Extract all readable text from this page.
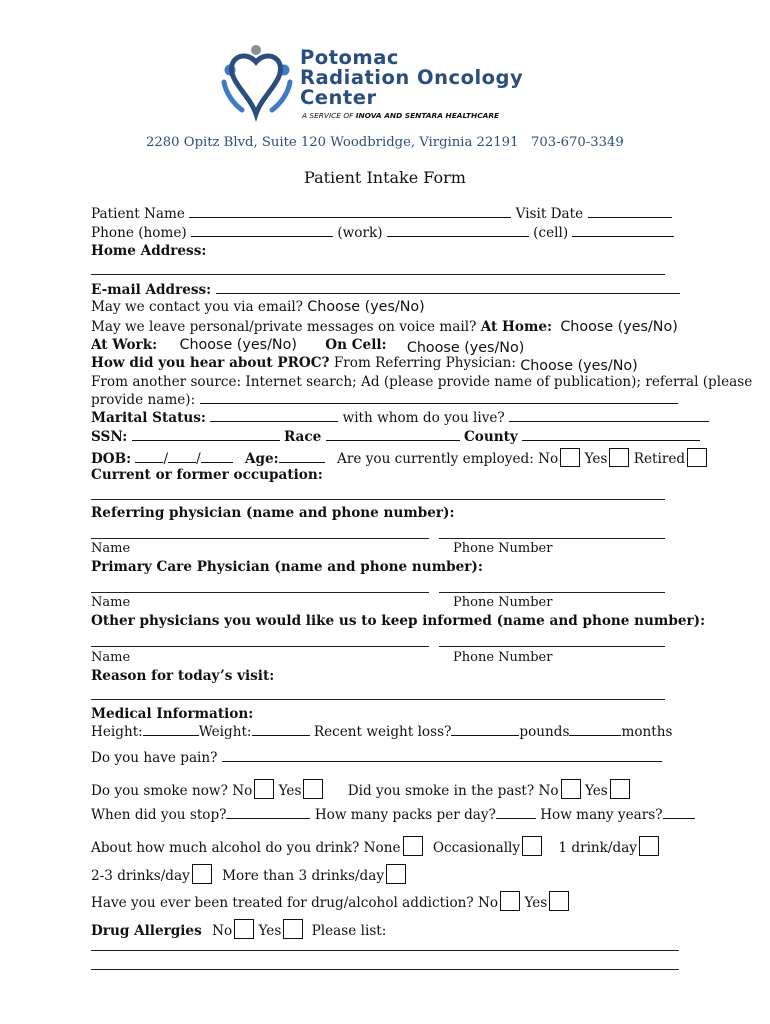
Potomac
Radiation Oncology
Center
A SERVICE OF INOVA AND SENTARA HEALTHCARE
2280 Opitz Blvd, Suite 120 Woodbridge, Virginia 22191 703-670-3349
Patient Intake Form
Patient Name	Visit Date
Phone (home)	(work)	(cell)
Home Address:
E-mail Address:
May we contact you via email? Choose (yes/No)
May we leave personal/private messages on voice mail? At Home: Choose (yes/No)
At Work: Choose (yes/No) On Cell: Choose (yes/No)
How did you hear about PROC? From Referring Physician: Choose (yes/No)
From another source: Internet search; Ad (please provide name of publication); referral (please
provide name):
Marital Status:	with whom do you live?
SSN:	Race	County
DOB: / /	Age:	Are you currently employed: No Yes Retired
Current or former occupation:
Referring physician (name and phone number):
Name	Phone Number
Primary Care Physician (name and phone number):
Name	Phone Number
Other physicians you would like us to keep informed (name and phone number):
Name	Phone Number
Reason for today’s visit:
Medical Information:
Height:	Weight:	Recent weight loss?	pounds	months
Do you have pain?
Do you smoke now? No Yes	Did you smoke in the past? No Yes
When did you stop?	How many packs per day?	How many years?
About how much alcohol do you drink? None Occasionally	1 drink/day
2-3 drinks/day More than 3 drinks/day
Have you ever been treated for drug/alcohol addiction? No Yes
Drug Allergies No Yes Please list:
